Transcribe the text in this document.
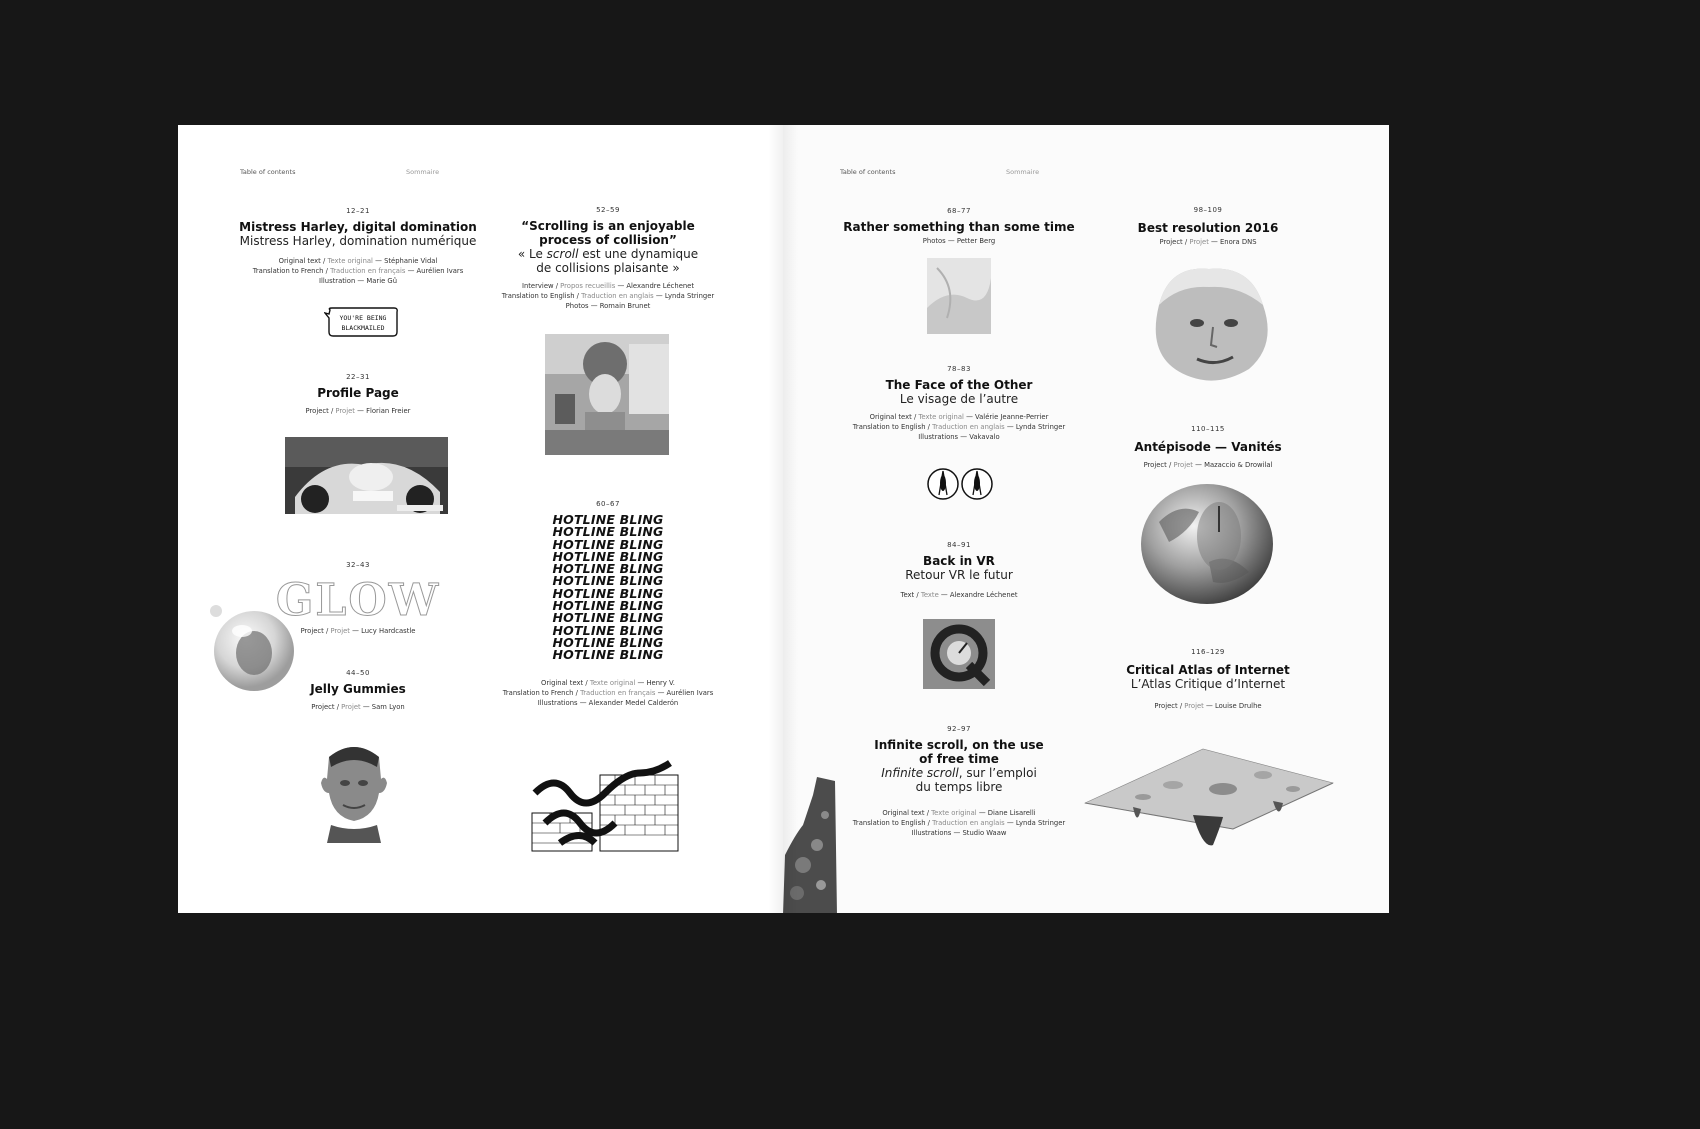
Table of contents	Sommaire
12–21
Mistress Harley, digital domination
Mistress Harley, domination numérique
Original text / Texte original — Stéphanie Vidal
Translation to French / Traduction en français — Aurélien Ivars
Illustration — Marie Gû
YOU'RE BEING
BLACKMAILED
22–31
Profile Page
Project / Projet — Florian Freier
32–43
GLOW
Project / Projet — Lucy Hardcastle
44–50
Jelly Gummies
Project / Projet — Sam Lyon
52–59
“Scrolling is an enjoyable
process of collision”
« Le scroll est une dynamique
de collisions plaisante »
Interview / Propos recueillis — Alexandre Léchenet
Translation to English / Traduction en anglais — Lynda Stringer
Photos — Romain Brunet
60–67
HOTLINE BLING
HOTLINE BLING
HOTLINE BLING
HOTLINE BLING
HOTLINE BLING
HOTLINE BLING
HOTLINE BLING
HOTLINE BLING
HOTLINE BLING
HOTLINE BLING
HOTLINE BLING
HOTLINE BLING
Original text / Texte original — Henry V.
Translation to French / Traduction en français — Aurélien Ivars
Illustrations — Alexander Medel Calderón
Table of contents	Sommaire
68–77
Rather something than some time
Photos — Petter Berg
78–83
The Face of the Other
Le visage de l’autre
Original text / Texte original — Valérie Jeanne-Perrier
Translation to English / Traduction en anglais — Lynda Stringer
Illustrations — Vakavalo
84–91
Back in VR
Retour VR le futur
Text / Texte — Alexandre Léchenet
92–97
Infinite scroll, on the use
of free time
Infinite scroll, sur l’emploi
du temps libre
Original text / Texte original — Diane Lisarelli
Translation to English / Traduction en anglais — Lynda Stringer
Illustrations — Studio Waaw
98–109
Best resolution 2016
Project / Projet — Enora DNS
110–115
Antépisode — Vanités
Project / Projet — Mazaccio & Drowilal
116–129
Critical Atlas of Internet
L’Atlas Critique d’Internet
Project / Projet — Louise Drulhe
